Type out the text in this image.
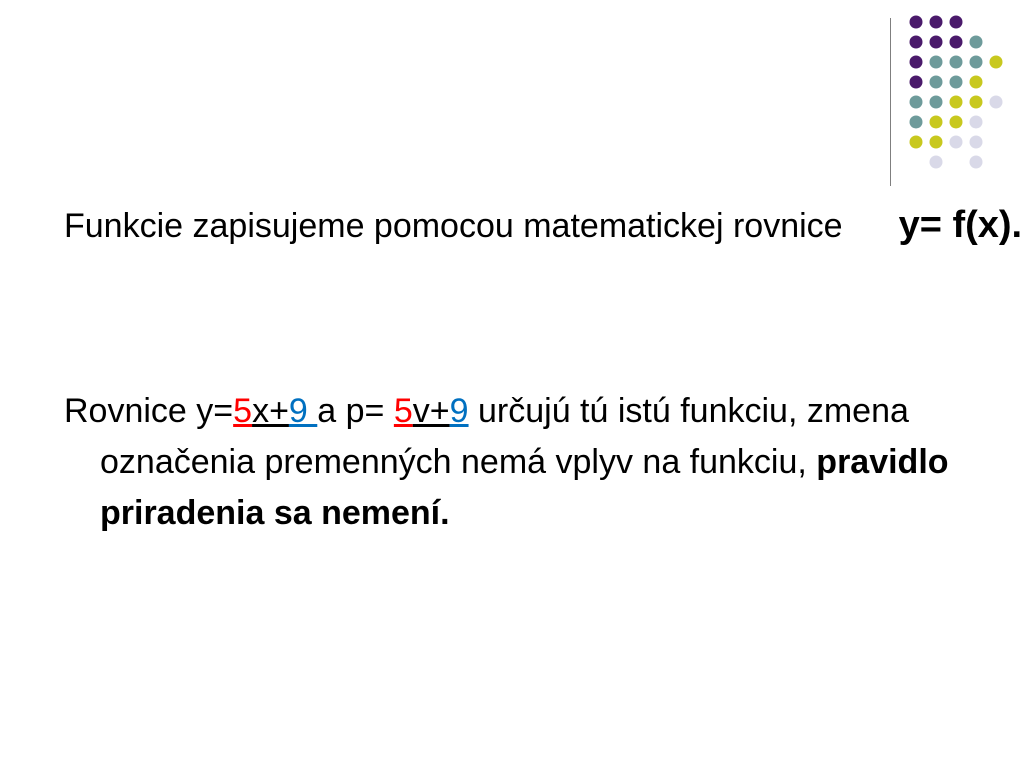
Funkcie zapisujeme pomocou matematickej rovnice y= f(x).
Rovnice y=5x+9 a p= 5v+9 určujú tú istú funkciu, zmena označenia premenných nemá vplyv na funkciu, pravidlo priradenia sa nemení.
